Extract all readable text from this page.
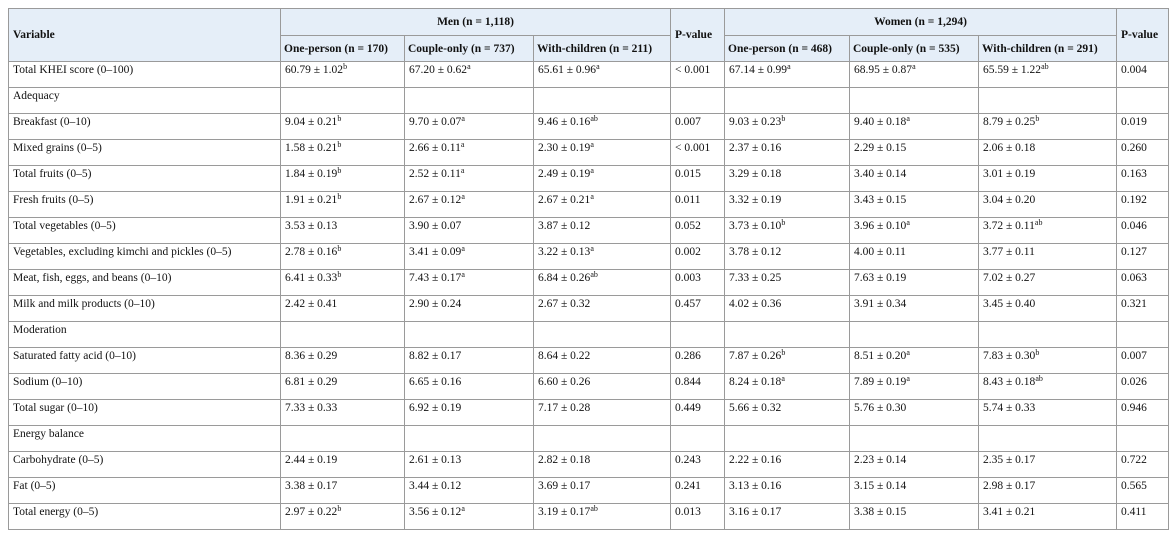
Variable	Men (n = 1,118)			P-value	Women (n = 1,294)			P-value
	One-person (n = 170)	Couple-only (n = 737)	With-children (n = 211)		One-person (n = 468)	Couple-only (n = 535)	With-children (n = 291)	
Total KHEI score (0–100)	60.79 ± 1.02$^b$	67.20 ± 0.62$^a$	65.61 ± 0.96$^a$	< 0.001	67.14 ± 0.99$^a$	68.95 ± 0.87$^a$	65.59 ± 1.22$^{ab}$	0.004
Adequacy								
Breakfast (0–10)	9.04 ± 0.21$^b$	9.70 ± 0.07$^a$	9.46 ± 0.16$^{ab}$	0.007	9.03 ± 0.23$^b$	9.40 ± 0.18$^a$	8.79 ± 0.25$^b$	0.019
Mixed grains (0–5)	1.58 ± 0.21$^b$	2.66 ± 0.11$^a$	2.30 ± 0.19$^a$	< 0.001	2.37 ± 0.16	2.29 ± 0.15	2.06 ± 0.18	0.260
Total fruits (0–5)	1.84 ± 0.19$^b$	2.52 ± 0.11$^a$	2.49 ± 0.19$^a$	0.015	3.29 ± 0.18	3.40 ± 0.14	3.01 ± 0.19	0.163
Fresh fruits (0–5)	1.91 ± 0.21$^b$	2.67 ± 0.12$^a$	2.67 ± 0.21$^a$	0.011	3.32 ± 0.19	3.43 ± 0.15	3.04 ± 0.20	0.192
Total vegetables (0–5)	3.53 ± 0.13	3.90 ± 0.07	3.87 ± 0.12	0.052	3.73 ± 0.10$^b$	3.96 ± 0.10$^a$	3.72 ± 0.11$^{ab}$	0.046
Vegetables, excluding kimchi and pickles (0–5)	2.78 ± 0.16$^b$	3.41 ± 0.09$^a$	3.22 ± 0.13$^a$	0.002	3.78 ± 0.12	4.00 ± 0.11	3.77 ± 0.11	0.127
Meat, fish, eggs, and beans (0–10)	6.41 ± 0.33$^b$	7.43 ± 0.17$^a$	6.84 ± 0.26$^{ab}$	0.003	7.33 ± 0.25	7.63 ± 0.19	7.02 ± 0.27	0.063
Milk and milk products (0–10)	2.42 ± 0.41	2.90 ± 0.24	2.67 ± 0.32	0.457	4.02 ± 0.36	3.91 ± 0.34	3.45 ± 0.40	0.321
Moderation								
Saturated fatty acid (0–10)	8.36 ± 0.29	8.82 ± 0.17	8.64 ± 0.22	0.286	7.87 ± 0.26$^b$	8.51 ± 0.20$^a$	7.83 ± 0.30$^b$	0.007
Sodium (0–10)	6.81 ± 0.29	6.65 ± 0.16	6.60 ± 0.26	0.844	8.24 ± 0.18$^a$	7.89 ± 0.19$^a$	8.43 ± 0.18$^{ab}$	0.026
Total sugar (0–10)	7.33 ± 0.33	6.92 ± 0.19	7.17 ± 0.28	0.449	5.66 ± 0.32	5.76 ± 0.30	5.74 ± 0.33	0.946
Energy balance								
Carbohydrate (0–5)	2.44 ± 0.19	2.61 ± 0.13	2.82 ± 0.18	0.243	2.22 ± 0.16	2.23 ± 0.14	2.35 ± 0.17	0.722
Fat (0–5)	3.38 ± 0.17	3.44 ± 0.12	3.69 ± 0.17	0.241	3.13 ± 0.16	3.15 ± 0.14	2.98 ± 0.17	0.565
Total energy (0–5)	2.97 ± 0.22$^b$	3.56 ± 0.12$^a$	3.19 ± 0.17$^{ab}$	0.013	3.16 ± 0.17	3.38 ± 0.15	3.41 ± 0.21	0.411
